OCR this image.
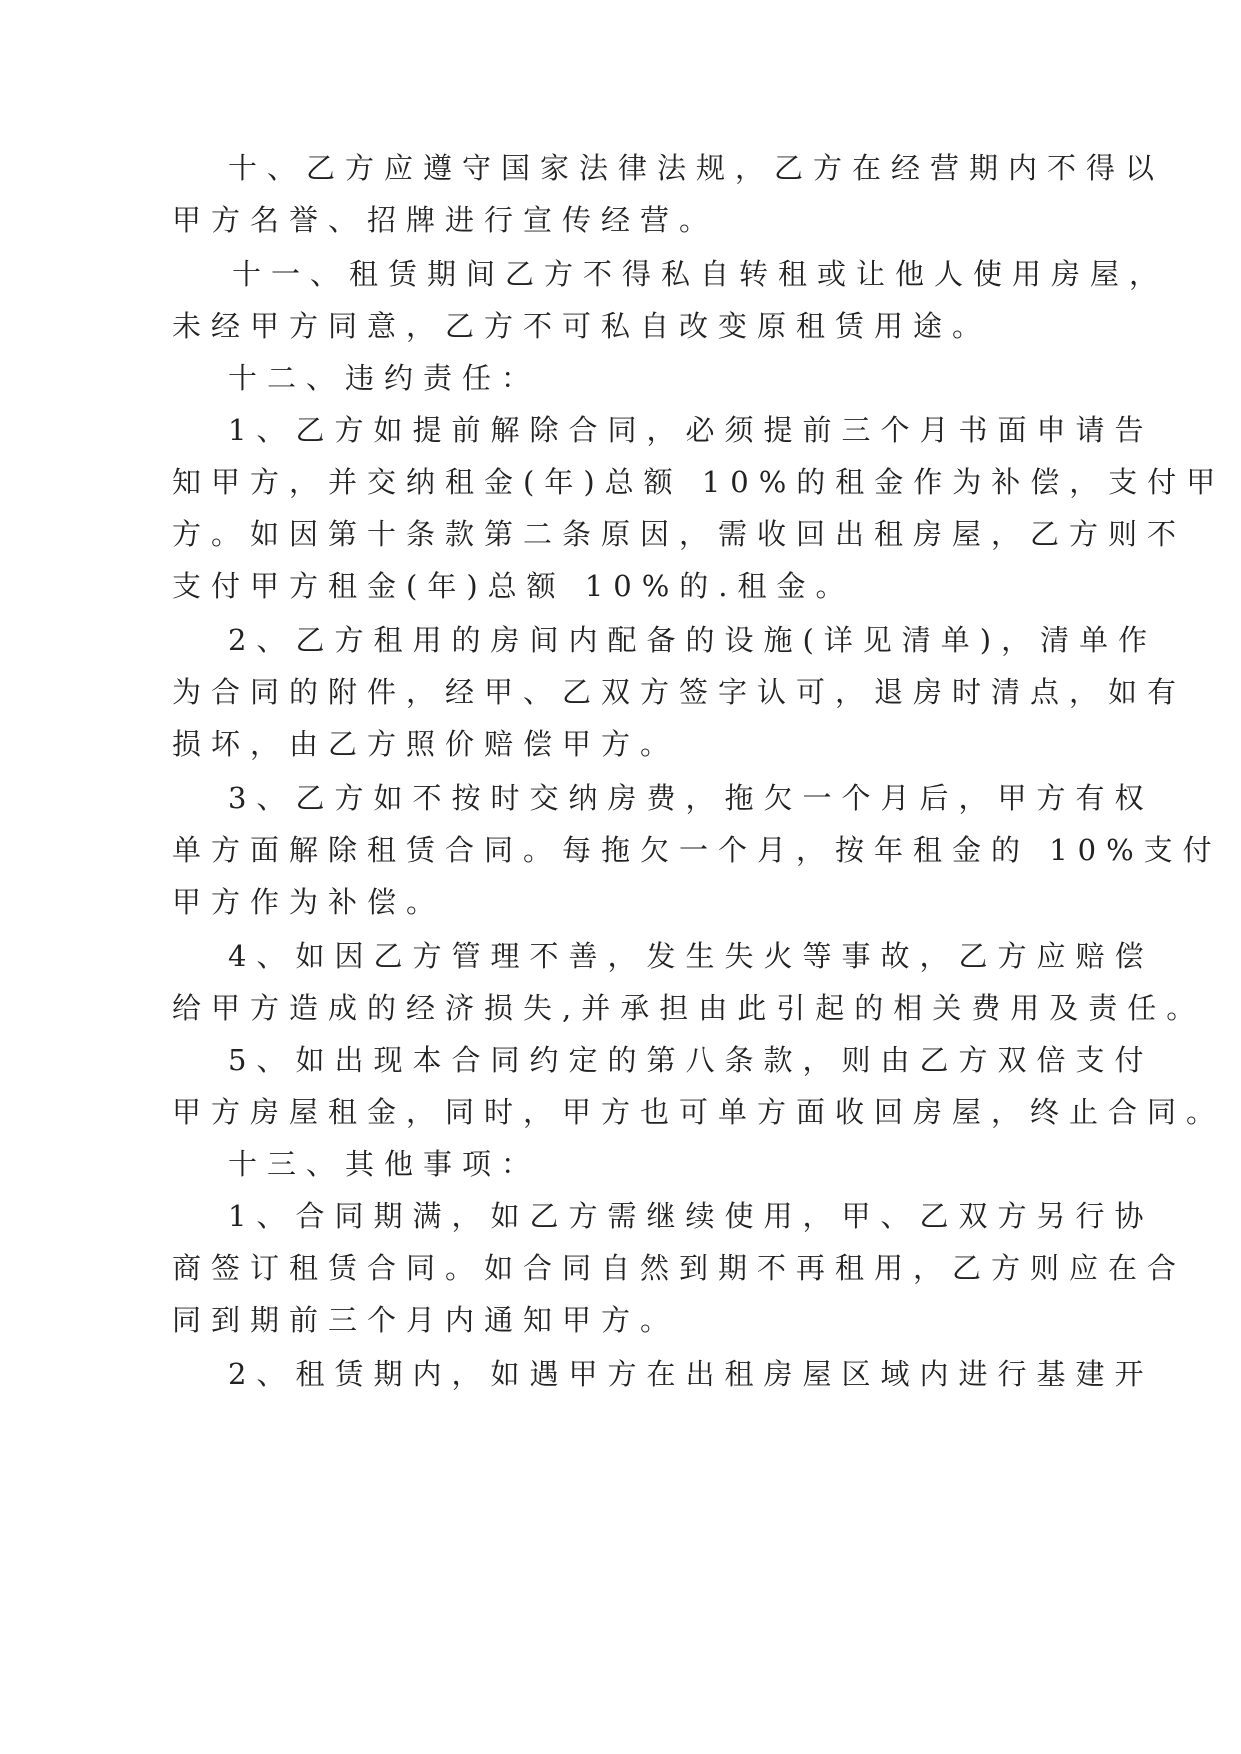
十、乙方应遵守国家法律法规，乙方在经营期内不得以

甲方名誉、招牌进行宣传经营。

十一、租赁期间乙方不得私自转租或让他人使用房屋，

未经甲方同意，乙方不可私自改变原租赁用途。

十二、违约责任：

1、乙方如提前解除合同，必须提前三个月书面申请告

知甲方，并交纳租金(年)总额 10%的租金作为补偿，支付甲

方。如因第十条款第二条原因，需收回出租房屋，乙方则不

支付甲方租金(年)总额 10%的.租金。

2、乙方租用的房间内配备的设施(详见清单)，清单作

为合同的附件，经甲、乙双方签字认可，退房时清点，如有

损坏，由乙方照价赔偿甲方。

3、乙方如不按时交纳房费，拖欠一个月后，甲方有权

单方面解除租赁合同。每拖欠一个月，按年租金的 10%支付

甲方作为补偿。

4、如因乙方管理不善，发生失火等事故，乙方应赔偿

给甲方造成的经济损失,并承担由此引起的相关费用及责任。

5、如出现本合同约定的第八条款，则由乙方双倍支付

甲方房屋租金，同时，甲方也可单方面收回房屋，终止合同。

十三、其他事项：

1、合同期满，如乙方需继续使用，甲、乙双方另行协

商签订租赁合同。如合同自然到期不再租用，乙方则应在合

同到期前三个月内通知甲方。

2、租赁期内，如遇甲方在出租房屋区域内进行基建开
